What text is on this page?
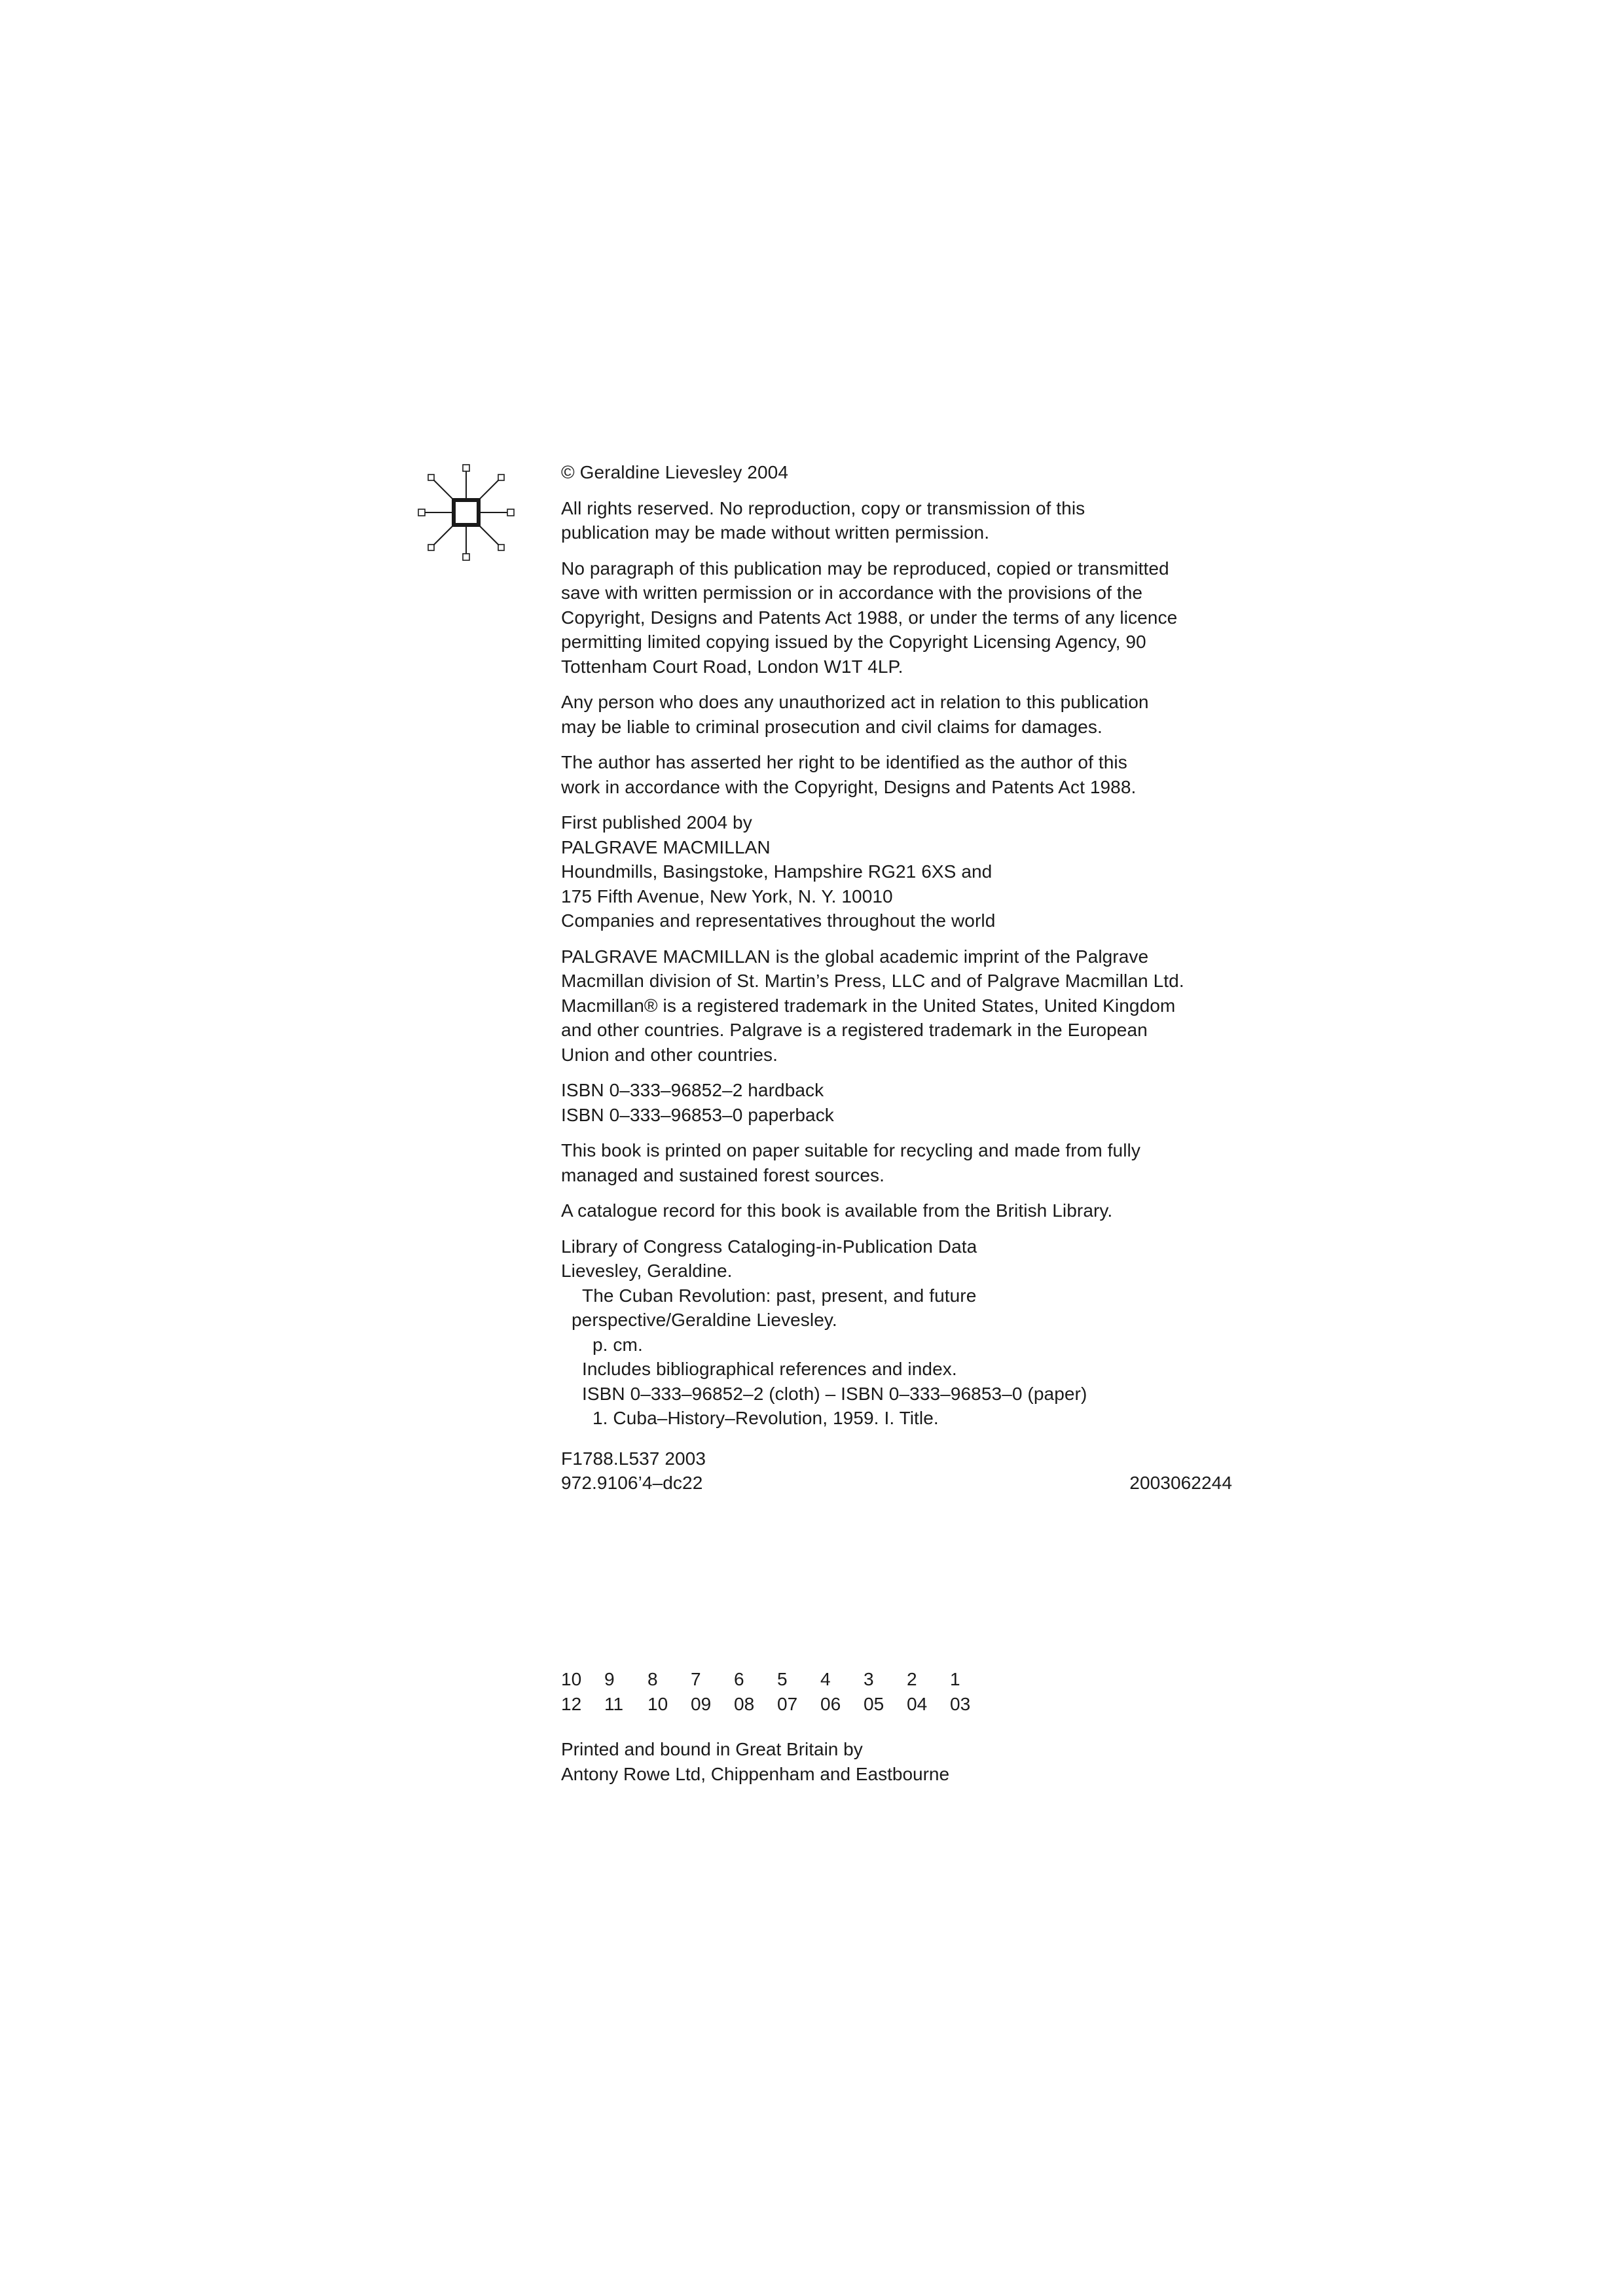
© Geraldine Lievesley 2004
All rights reserved. No reproduction, copy or transmission of this
publication may be made without written permission.
No paragraph of this publication may be reproduced, copied or transmitted
save with written permission or in accordance with the provisions of the
Copyright, Designs and Patents Act 1988, or under the terms of any licence
permitting limited copying issued by the Copyright Licensing Agency, 90
Tottenham Court Road, London W1T 4LP.
Any person who does any unauthorized act in relation to this publication
may be liable to criminal prosecution and civil claims for damages.
The author has asserted her right to be identified as the author of this
work in accordance with the Copyright, Designs and Patents Act 1988.
First published 2004 by
PALGRAVE MACMILLAN
Houndmills, Basingstoke, Hampshire RG21 6XS and
175 Fifth Avenue, New York, N. Y. 10010
Companies and representatives throughout the world
PALGRAVE MACMILLAN is the global academic imprint of the Palgrave
Macmillan division of St. Martin’s Press, LLC and of Palgrave Macmillan Ltd.
Macmillan® is a registered trademark in the United States, United Kingdom
and other countries. Palgrave is a registered trademark in the European
Union and other countries.
ISBN 0–333–96852–2 hardback
ISBN 0–333–96853–0 paperback
This book is printed on paper suitable for recycling and made from fully
managed and sustained forest sources.
A catalogue record for this book is available from the British Library.
Library of Congress Cataloging-in-Publication Data
Lievesley, Geraldine.
The Cuban Revolution: past, present, and future
perspective/Geraldine Lievesley.
p. cm.
Includes bibliographical references and index.
ISBN 0–333–96852–2 (cloth) – ISBN 0–333–96853–0 (paper)
1. Cuba–History–Revolution, 1959. I. Title.
F1788.L537 2003
972.9106’4–dc22	2003062244
10	9	8	7	6	5	4	3	2	1
12	11	10	09	08	07	06	05	04	03
Printed and bound in Great Britain by
Antony Rowe Ltd, Chippenham and Eastbourne
